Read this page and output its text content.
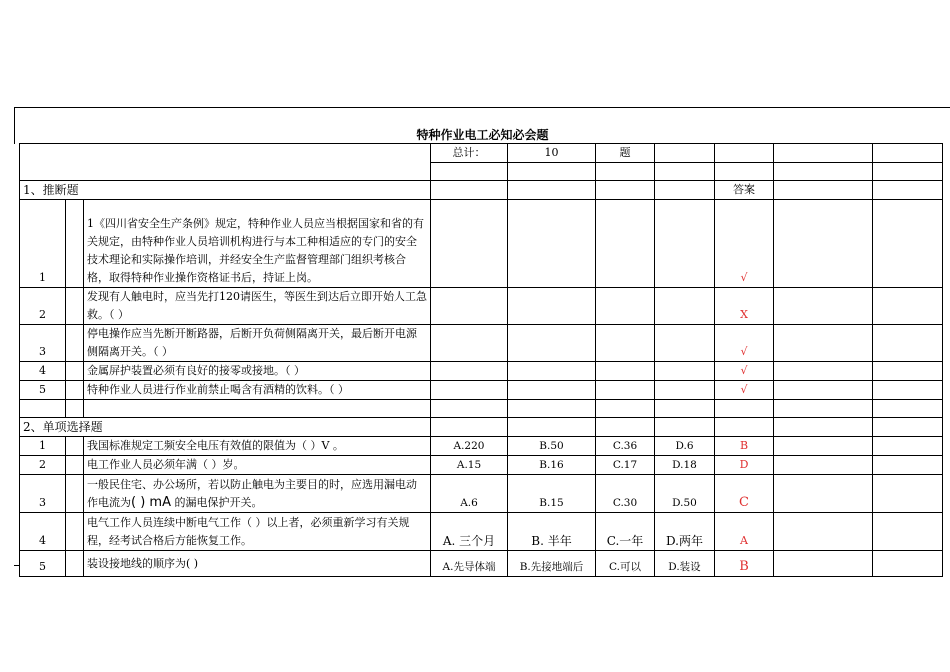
特种作业电工必知必会题
			总计：	10	题				

1、推断题							答案		
1		1《四川省安全生产条例》规定，特种作业人员应当根据国家和省的有关规定，由特种作业人员培训机构进行与本工种相适应的专门的安全技术理论和实际操作培训，并经安全生产监督管理部门组织考核合格，取得特种作业操作资格证书后，持证上岗。					√		
2		发现有人触电时，应当先打120请医生，等医生到达后立即开始人工急救。（ ）					X		
3		停电操作应当先断开断路器，后断开负荷侧隔离开关，最后断开电源侧隔离开关。（ ）					√		
4		金属屏护装置必须有良好的接零或接地。（ ）					√		
5		特种作业人员进行作业前禁止喝含有酒精的饮料。（ ）					√		

2、单项选择题									
1		我国标准规定工频安全电压有效值的限值为（ ）V 。	A.220	B.50	C.36	D.6	B		
2		电工作业人员必须年满（ ）岁。	A.15	B.16	C.17	D.18	D		
3		一般民住宅、办公场所，若以防止触电为主要目的时，应选用漏电动作电流为( ) mA 的漏电保护开关。	A.6	B.15	C.30	D.50	C		
4		电气工作人员连续中断电气工作（ ）以上者，必须重新学习有关规程，经考试合格后方能恢复工作。	A. 三个月	B. 半年	C.一年	D.两年	A		
5		装设接地线的顺序为( )	A.先导体端	B.先接地端后	C.可以	D.装设	B		
